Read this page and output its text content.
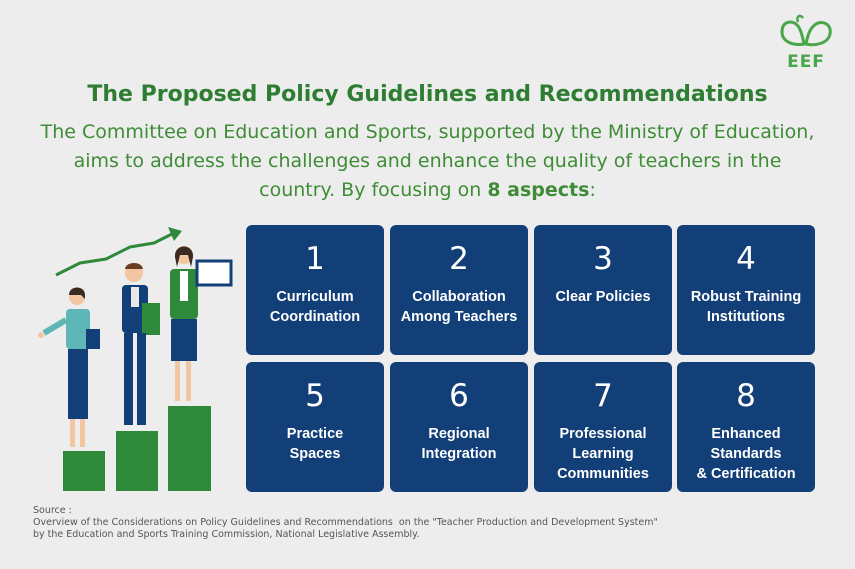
EEF
The Proposed Policy Guidelines and Recommendations
The Committee on Education and Sports, supported by the Ministry of Education, aims to address the challenges and enhance the quality of teachers in the country. By focusing on 8 aspects:
1
Curriculum
Coordination
2
Collaboration
Among Teachers
3
Clear Policies
4
Robust Training
Institutions
5
Practice
Spaces
6
Regional
Integration
7
Professional
Learning
Communities
8
Enhanced
Standards
& Certification
Source :
Overview of the Considerations on Policy Guidelines and Recommendations  on the "Teacher Production and Development System"
by the Education and Sports Training Commission, National Legislative Assembly.
